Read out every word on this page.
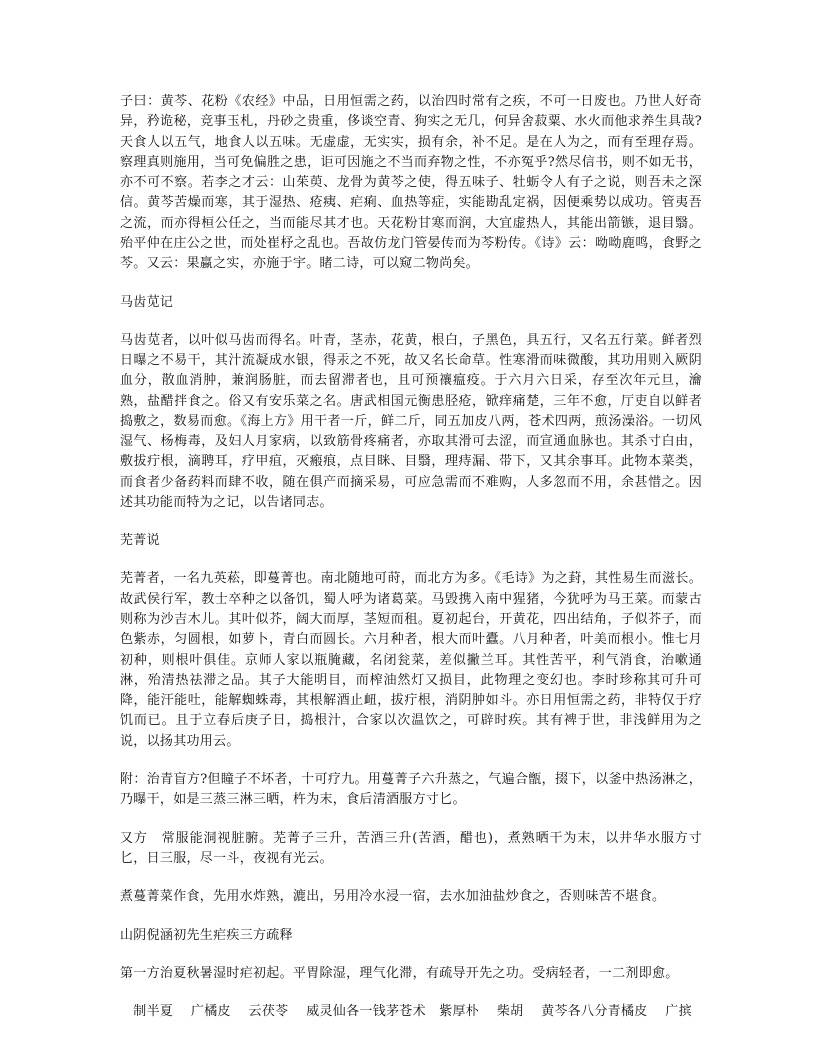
子曰：黄芩、花粉《农经》中品，日用恒需之药，以治四时常有之疾，不可一日废也。乃世人好奇异，矜诡秘，竞事玉札，丹砂之贵重，侈谈空青、狗实之无几，何异舍菽粟、水火而他求养生具哉?天食人以五气，地食人以五味。无虚虚，无实实，损有余，补不足。是在人为之，而有至理存焉。察理真则施用，当可免偏胜之患，讵可因施之不当而弃物之性，不亦冤乎?然尽信书，则不如无书，亦不可不察。若李之才云：山茱萸、龙骨为黄芩之使，得五味子、牡蛎令人有子之说，则吾未之深信。黄芩苦燥而寒，其于湿热、疮痍、疟痢、血热等症，实能勘乱定祸，因便乘势以成功。管夷吾之流，而亦得桓公任之，当而能尽其才也。天花粉甘寒而润，大宜虚热人，其能出箭镞，退目翳。殆平仲在庄公之世，而处崔杼之乱也。吾故仿龙门管晏传而为芩粉传。《诗》云：呦呦鹿鸣，食野之芩。又云：果蠃之实，亦施于宇。睹二诗，可以窥二物尚矣。

马齿苋记

马齿苋者，以叶似马齿而得名。叶青，茎赤，花黄，根白，子黑色，具五行，又名五行菜。鲜者烈日曝之不易干，其汁流凝成水银，得汞之不死，故又名长命草。性寒滑而味微酸，其功用则入厥阴血分，散血消肿，兼润肠脏，而去留滞者也，且可预禳瘟疫。于六月六日采，存至次年元旦，瀹熟，盐醋拌食之。俗又有安乐菜之名。唐武相国元衡患胫疮，锨痒痛楚，三年不愈，厅吏自以鲜者捣敷之，数易而愈。《海上方》用干者一斤，鲜二斤，同五加皮八两，苍术四两，煎汤澡浴。一切风湿气、杨梅毒，及妇人月家病，以致筋骨疼痛者，亦取其滑可去涩，而宣通血脉也。其杀寸白由，敷拔疔根，滴聘耳，疗甲疽，灭瘢痕，点目眯、目翳，理痔漏、带下，又其余事耳。此物本菜类，而食者少备药料而肆不收，随在俱产而摘采易，可应急需而不难购，人多忽而不用，余甚惜之。因述其功能而特为之记，以告诸同志。

芜菁说

芜菁者，一名九英菘，即蔓菁也。南北随地可莳，而北方为多。《毛诗》为之葑，其性易生而滋长。故武侯行军，教士卒种之以备饥，蜀人呼为诸葛菜。马毁携入南中猩猪，今犹呼为马王菜。而蒙古则称为沙吉木儿。其叶似芥，阔大而厚，茎短而租。夏初起台，开黄花，四出结角，子似芥子，而色紫赤，匀圆根，如萝卜，青白而圆长。六月种者，根大而叶蠹。八月种者，叶美而根小。惟七月初种，则根叶俱佳。京师人家以瓶腌藏，名闭瓮菜，差似撇兰耳。其性苦平，利气消食，治嗽通淋，殆清热祛滞之品。其子大能明目，而榨油然灯又损目，此物理之变幻也。李时珍称其可升可降，能汗能吐，能解蜘蛛毒，其根解酒止衄，拔疔根，消阴肿如斗。亦日用恒需之药，非特仅于疗饥而已。且于立春后庚子日，捣根汁，合家以次温饮之，可辟时疾。其有裨于世，非浅鲜用为之说，以扬其功用云。

附：治青盲方?但瞳子不坏者，十可疗九。用蔓菁子六升蒸之，气遍合甑，掇下，以釜中热汤淋之，乃曝干，如是三蒸三淋三晒，杵为末，食后清酒服方寸匕。

又方　常服能洞视脏腑。芜菁子三升，苦酒三升(苦酒，醋也)，煮熟晒干为末，以井华水服方寸匕，日三服，尽一斗，夜视有光云。

煮蔓菁菜作食，先用水炸熟，漉出，另用冷水浸一宿，去水加油盐炒食之，否则味苦不堪食。

山阴倪涵初先生疟疾三方疏释

第一方治夏秋暑湿时疟初起。平胃除湿，理气化滞，有疏导开先之功。受病轻者，一二剂即愈。

制半夏　 广橘皮　 云茯苓　 威灵仙各一钱茅苍术　紫厚朴　 柴胡　 黄芩各八分青橘皮　 广摈
